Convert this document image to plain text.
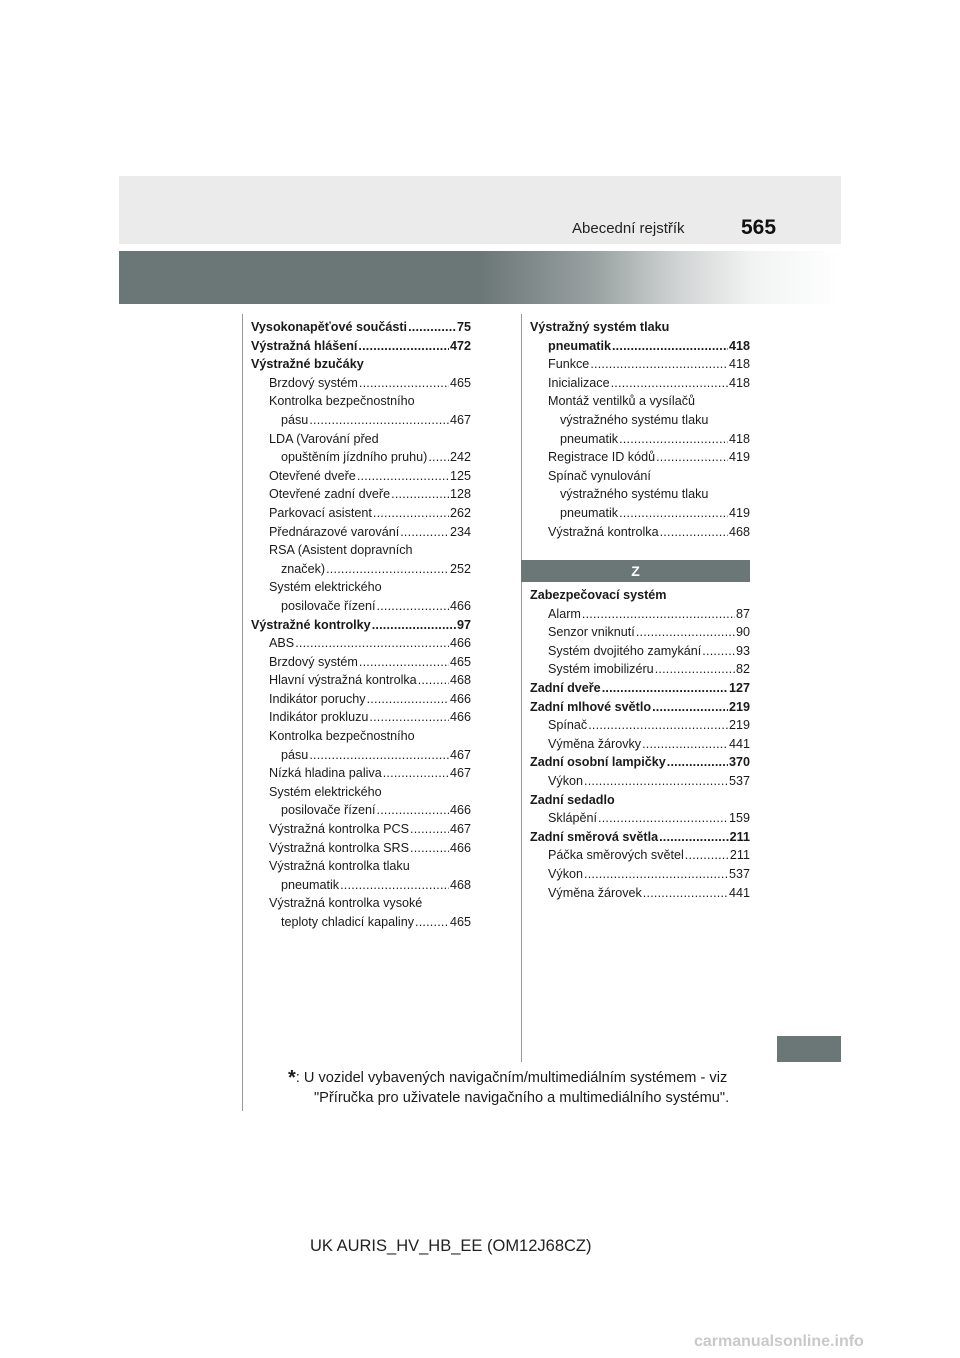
Abecední rejstřík	565
Vysokonapěťové součásti .....	75
Výstražná hlášení .....	472
Výstražné bzučáky
Brzdový systém .....	465
Kontrolka bezpečnostního
pásu .....	467
LDA (Varování před
opuštěním jízdního pruhu) ..... 242
Otevřené dveře .....	125
Otevřené zadní dveře .....	128
Parkovací asistent .....	262
Přednárazové varování .....	234
RSA (Asistent dopravních
značek) .....	252
Systém elektrického
posilovače řízení .....	466
Výstražné kontrolky .....	97
ABS .....	466
Brzdový systém .....	465
Hlavní výstražná kontrolka .....	468
Indikátor poruchy .....	466
Indikátor prokluzu .....	466
Kontrolka bezpečnostního
pásu .....	467
Nízká hladina paliva .....	467
Systém elektrického
posilovače řízení .....	466
Výstražná kontrolka PCS .....	467
Výstražná kontrolka SRS .....	466
Výstražná kontrolka tlaku
pneumatik .....	468
Výstražná kontrolka vysoké
teploty chladicí kapaliny .....	465
Výstražný systém tlaku
pneumatik .....	418
Funkce .....	418
Inicializace .....	418
Montáž ventilků a vysílačů
výstražného systému tlaku
pneumatik .....	418
Registrace ID kódů .....	419
Spínač vynulování
výstražného systému tlaku
pneumatik .....	419
Výstražná kontrolka .....	468
Z
Zabezpečovací systém
Alarm .....	87
Senzor vniknutí .....	90
Systém dvojitého zamykání .....	93
Systém imobilizéru .....	82
Zadní dveře .....	127
Zadní mlhové světlo .....	219
Spínač .....	219
Výměna žárovky .....	441
Zadní osobní lampičky .....	370
Výkon .....	537
Zadní sedadlo
Sklápění .....	159
Zadní směrová světla .....	211
Páčka směrových světel .....	211
Výkon .....	537
Výměna žárovek .....	441
*: U vozidel vybavených navigačním/multimediálním systémem - viz
"Příručka pro uživatele navigačního a multimediálního systému".
UK AURIS_HV_HB_EE (OM12J68CZ)
carmanualsonline.info
